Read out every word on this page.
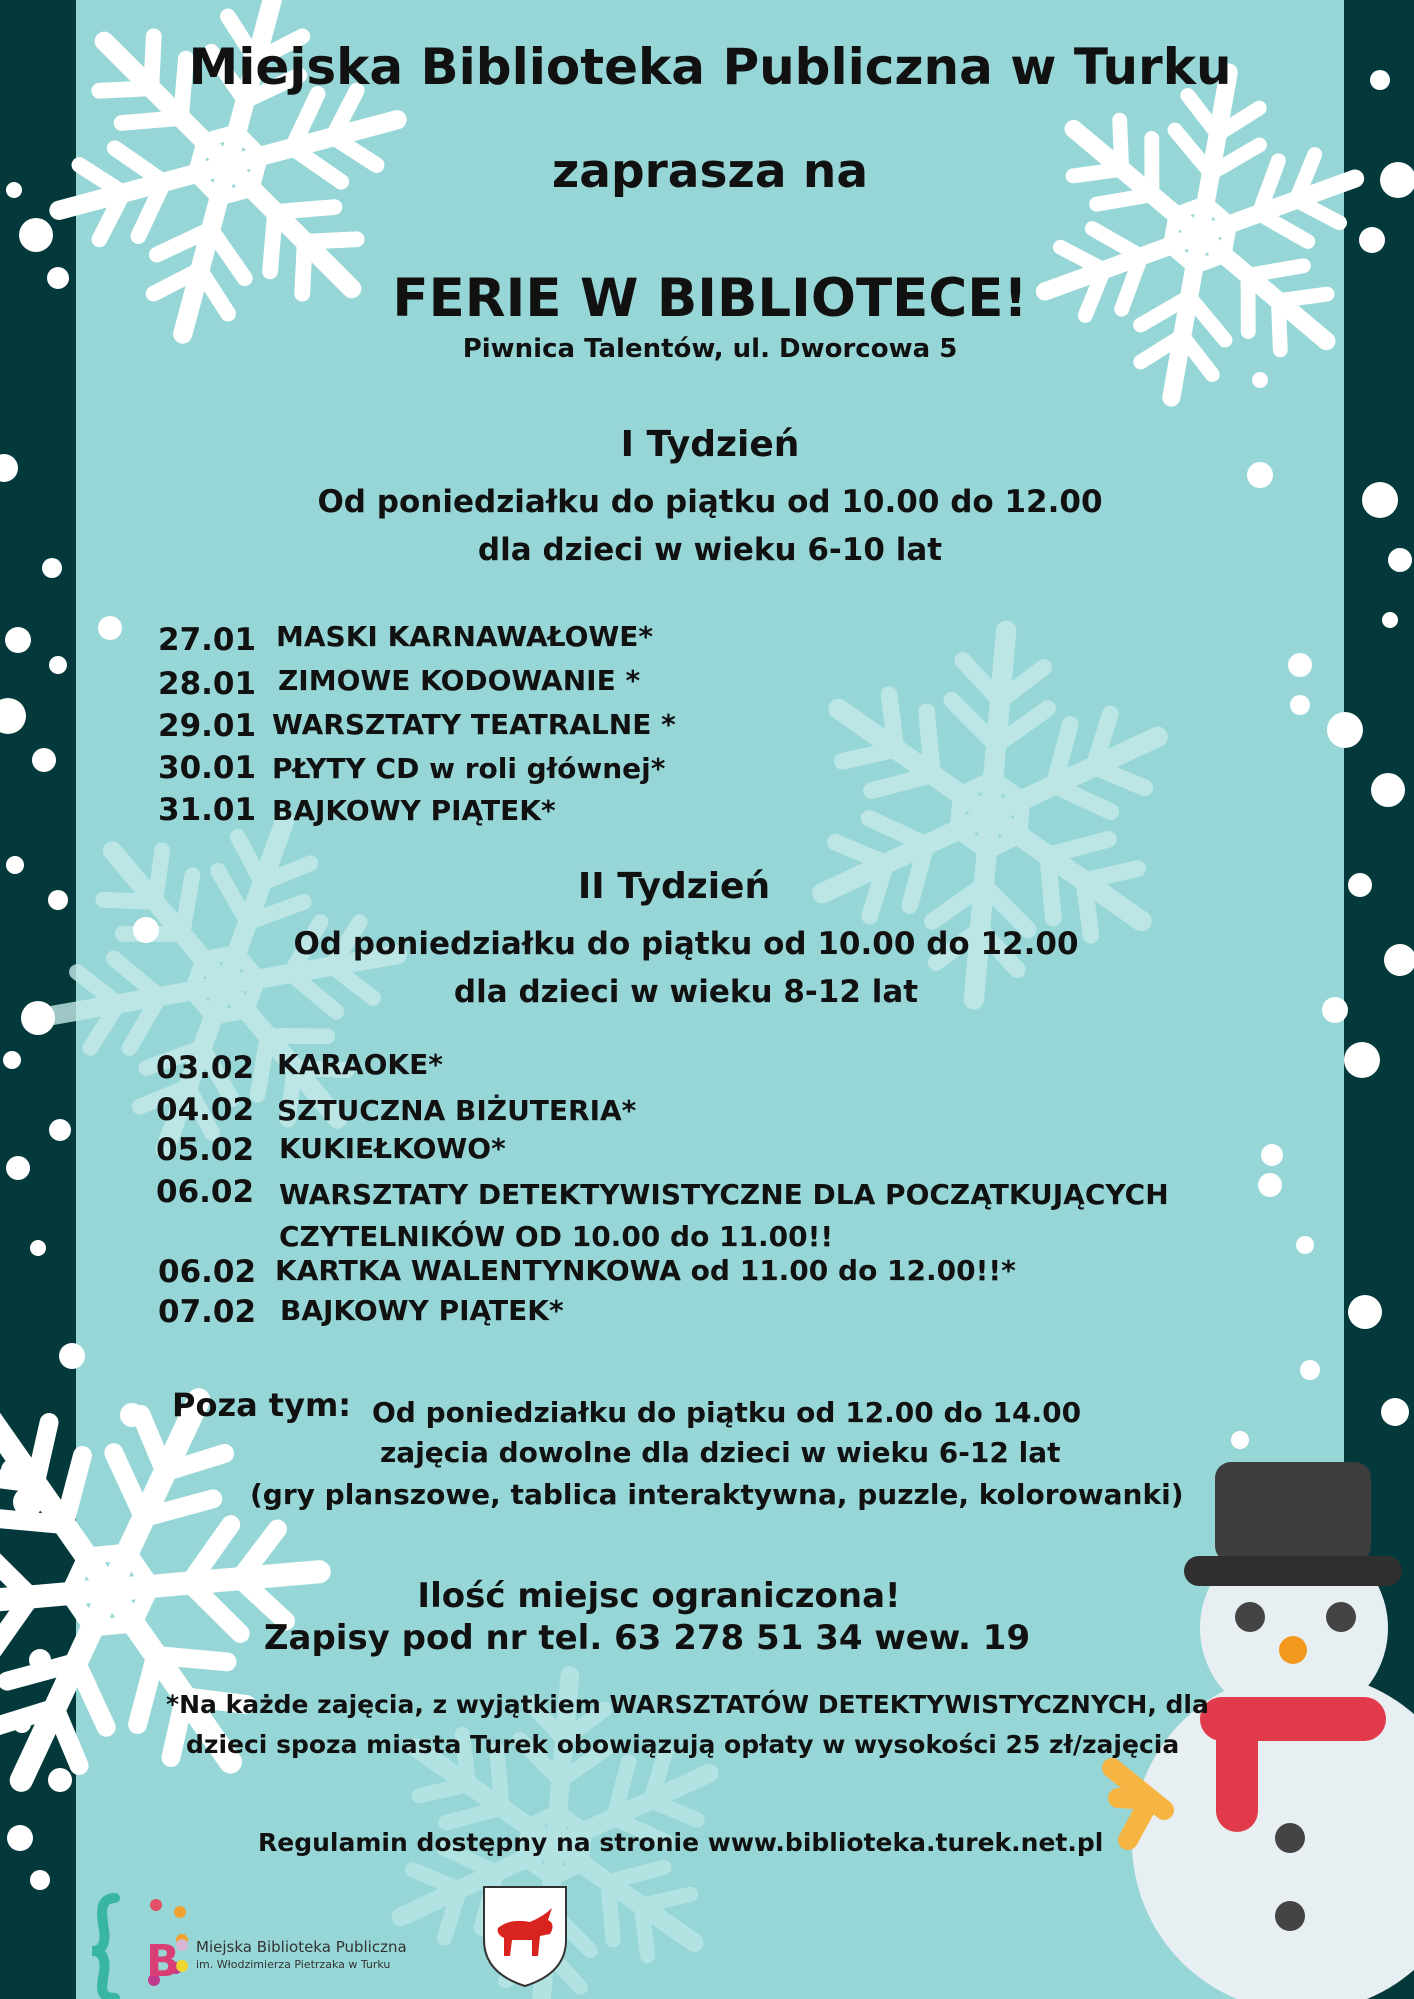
B
Miejska Biblioteka Publiczna w Turku
zaprasza na
FERIE W BIBLIOTECE!
Piwnica Talentów, ul. Dworcowa 5
I Tydzień
Od poniedziałku do piątku od 10.00 do 12.00
dla dzieci w wieku 6-10 lat
27.01 MASKI KARNAWAŁOWE*
28.01 ZIMOWE KODOWANIE *
29.01 WARSZTATY TEATRALNE *
30.01 PŁYTY CD w roli głównej*
31.01 BAJKOWY PIĄTEK*
II Tydzień
Od poniedziałku do piątku od 10.00 do 12.00
dla dzieci w wieku 8-12 lat
03.02 KARAOKE*
04.02 SZTUCZNA BIŻUTERIA*
05.02 KUKIEŁKOWO*
06.02 WARSZTATY DETEKTYWISTYCZNE DLA POCZĄTKUJĄCYCH
CZYTELNIKÓW OD 10.00 do 11.00!!
06.02 KARTKA WALENTYNKOWA od 11.00 do 12.00!!*
07.02 BAJKOWY PIĄTEK*
Poza tym: Od poniedziałku do piątku od 12.00 do 14.00
zajęcia dowolne dla dzieci w wieku 6-12 lat
(gry planszowe, tablica interaktywna, puzzle, kolorowanki)
Ilość miejsc ograniczona!
Zapisy pod nr tel. 63 278 51 34 wew. 19
*Na każde zajęcia, z wyjątkiem WARSZTATÓW DETEKTYWISTYCZNYCH, dla
dzieci spoza miasta Turek obowiązują opłaty w wysokości 25 zł/zajęcia
Regulamin dostępny na stronie www.biblioteka.turek.net.pl
Miejska Biblioteka Publiczna
im. Włodzimierza Pietrzaka w Turku
